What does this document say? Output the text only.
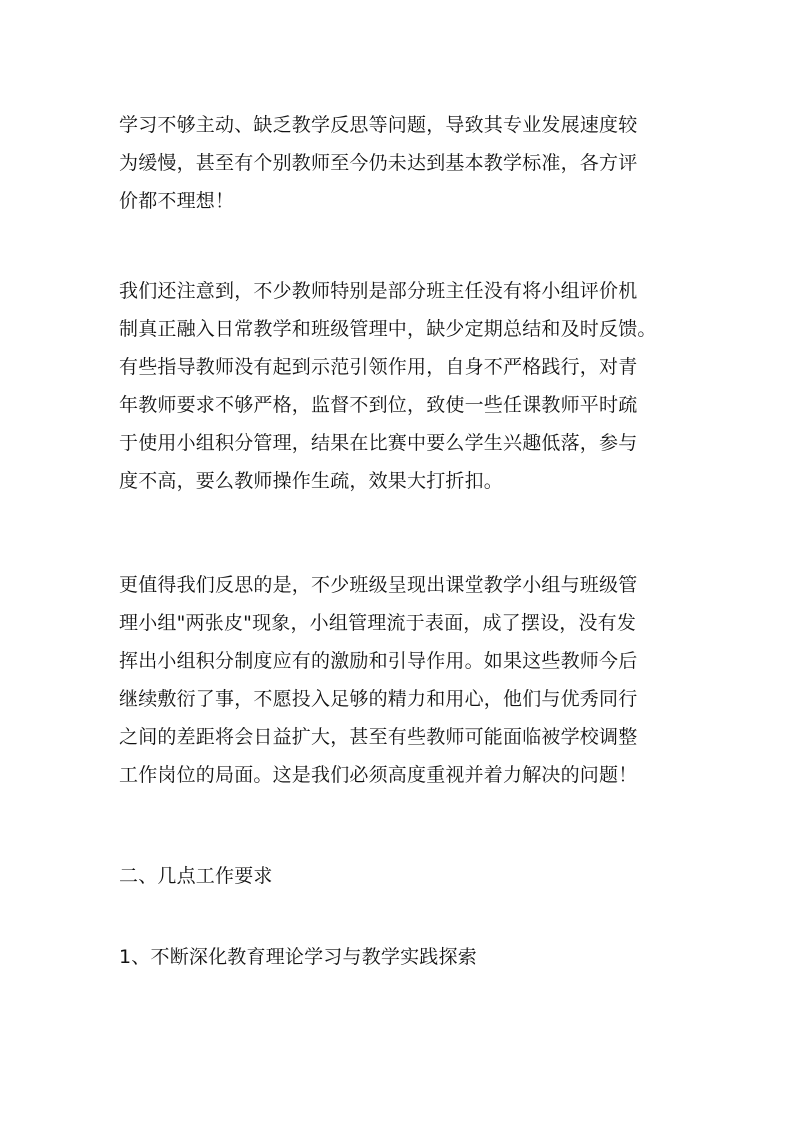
学习不够主动、缺乏教学反思等问题，导致其专业发展速度较
为缓慢，甚至有个别教师至今仍未达到基本教学标准，各方评
价都不理想！
我们还注意到，不少教师特别是部分班主任没有将小组评价机
制真正融入日常教学和班级管理中，缺少定期总结和及时反馈。
有些指导教师没有起到示范引领作用，自身不严格践行，对青
年教师要求不够严格，监督不到位，致使一些任课教师平时疏
于使用小组积分管理，结果在比赛中要么学生兴趣低落，参与
度不高，要么教师操作生疏，效果大打折扣。
更值得我们反思的是，不少班级呈现出课堂教学小组与班级管
理小组"两张皮"现象，小组管理流于表面，成了摆设，没有发
挥出小组积分制度应有的激励和引导作用。如果这些教师今后
继续敷衍了事，不愿投入足够的精力和用心，他们与优秀同行
之间的差距将会日益扩大，甚至有些教师可能面临被学校调整
工作岗位的局面。这是我们必须高度重视并着力解决的问题！
二、几点工作要求
1、不断深化教育理论学习与教学实践探索
